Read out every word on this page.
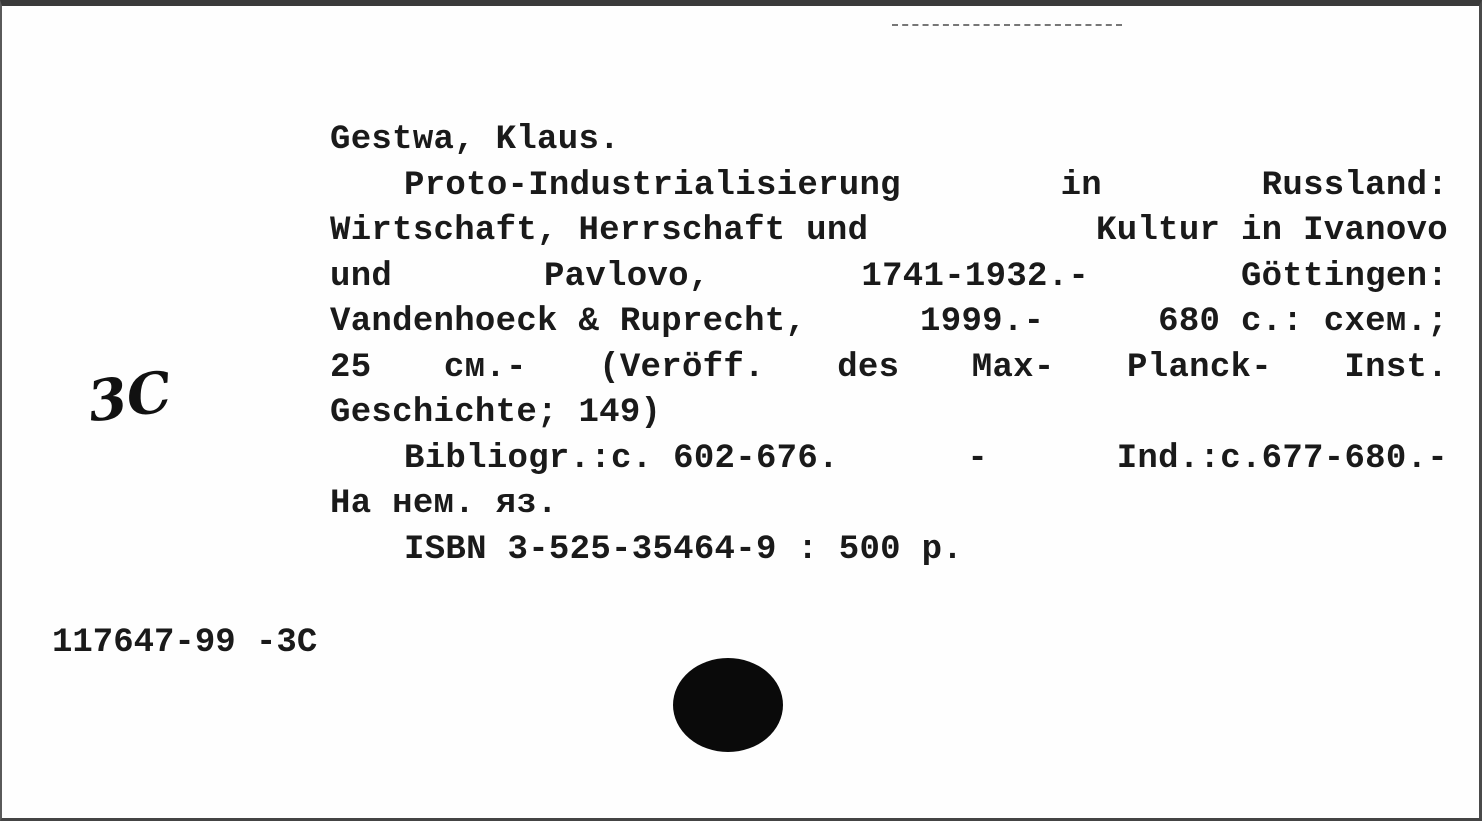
Gestwa, Klaus.
Proto-Industrialisierung	in	Russland:
Wirtschaft, Herrschaft und	Kultur in Ivanovo
und	Pavlovo,	1741-1932.-	Göttingen:
Vandenhoeck & Ruprecht,	1999.-	680 с.: схем.;
25 см.- (Veröff. des Max- Planck- Inst.
Geschichte; 149)
Bibliogr.:c. 602-676.	-	Ind.:c.677-680.-
На нем. яз.
ISBN 3-525-35464-9 : 500 р.
3С
117647-99 -3С
